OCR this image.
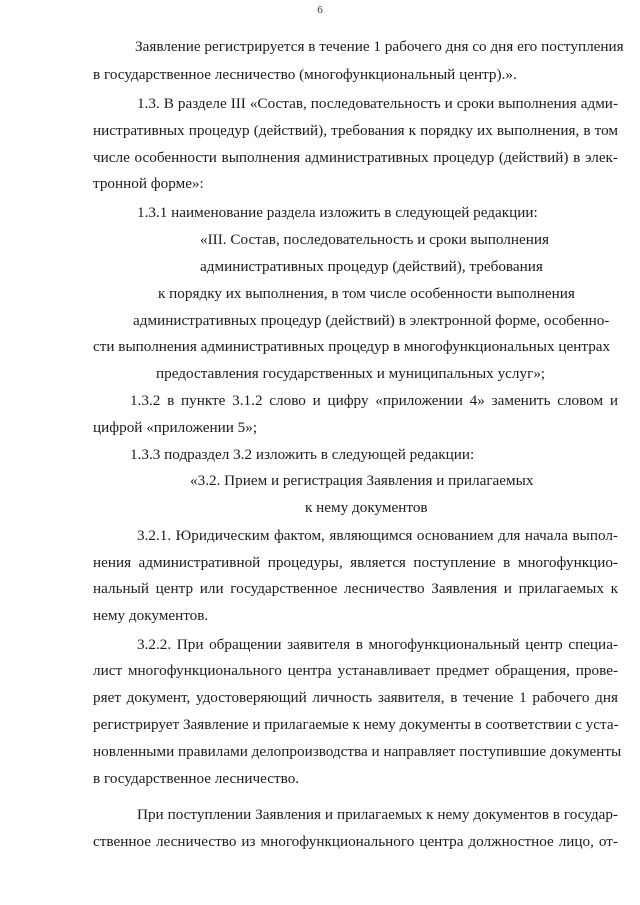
6
Заявление регистрируется в течение 1 рабочего дня со дня его поступления
в государственное лесничество (многофункциональный центр).».
1.3. В разделе III «Состав, последовательность и сроки выполнения адми-
нистративных процедур (действий), требования к порядку их выполнения, в том
числе особенности выполнения административных процедур (действий) в элек-
тронной форме»:
1.3.1 наименование раздела изложить в следующей редакции:
«III. Состав, последовательность и сроки выполнения
административных процедур (действий), требования
к порядку их выполнения, в том числе особенности выполнения
административных процедур (действий) в электронной форме, особенно-
сти выполнения административных процедур в многофункциональных центрах
предоставления государственных и муниципальных услуг»;
1.3.2 в пункте 3.1.2 слово и цифру «приложении 4» заменить словом и
цифрой «приложении 5»;
1.3.3 подраздел 3.2 изложить в следующей редакции:
«3.2. Прием и регистрация Заявления и прилагаемых
к нему документов
3.2.1. Юридическим фактом, являющимся основанием для начала выпол-
нения административной процедуры, является поступление в многофункцио-
нальный центр или государственное лесничество Заявления и прилагаемых к
нему документов.
3.2.2. При обращении заявителя в многофункциональный центр специа-
лист многофункционального центра устанавливает предмет обращения, прове-
ряет документ, удостоверяющий личность заявителя, в течение 1 рабочего дня
регистрирует Заявление и прилагаемые к нему документы в соответствии с уста-
новленными правилами делопроизводства и направляет поступившие документы
в государственное лесничество.
При поступлении Заявления и прилагаемых к нему документов в государ-
ственное лесничество из многофункционального центра должностное лицо, от-
